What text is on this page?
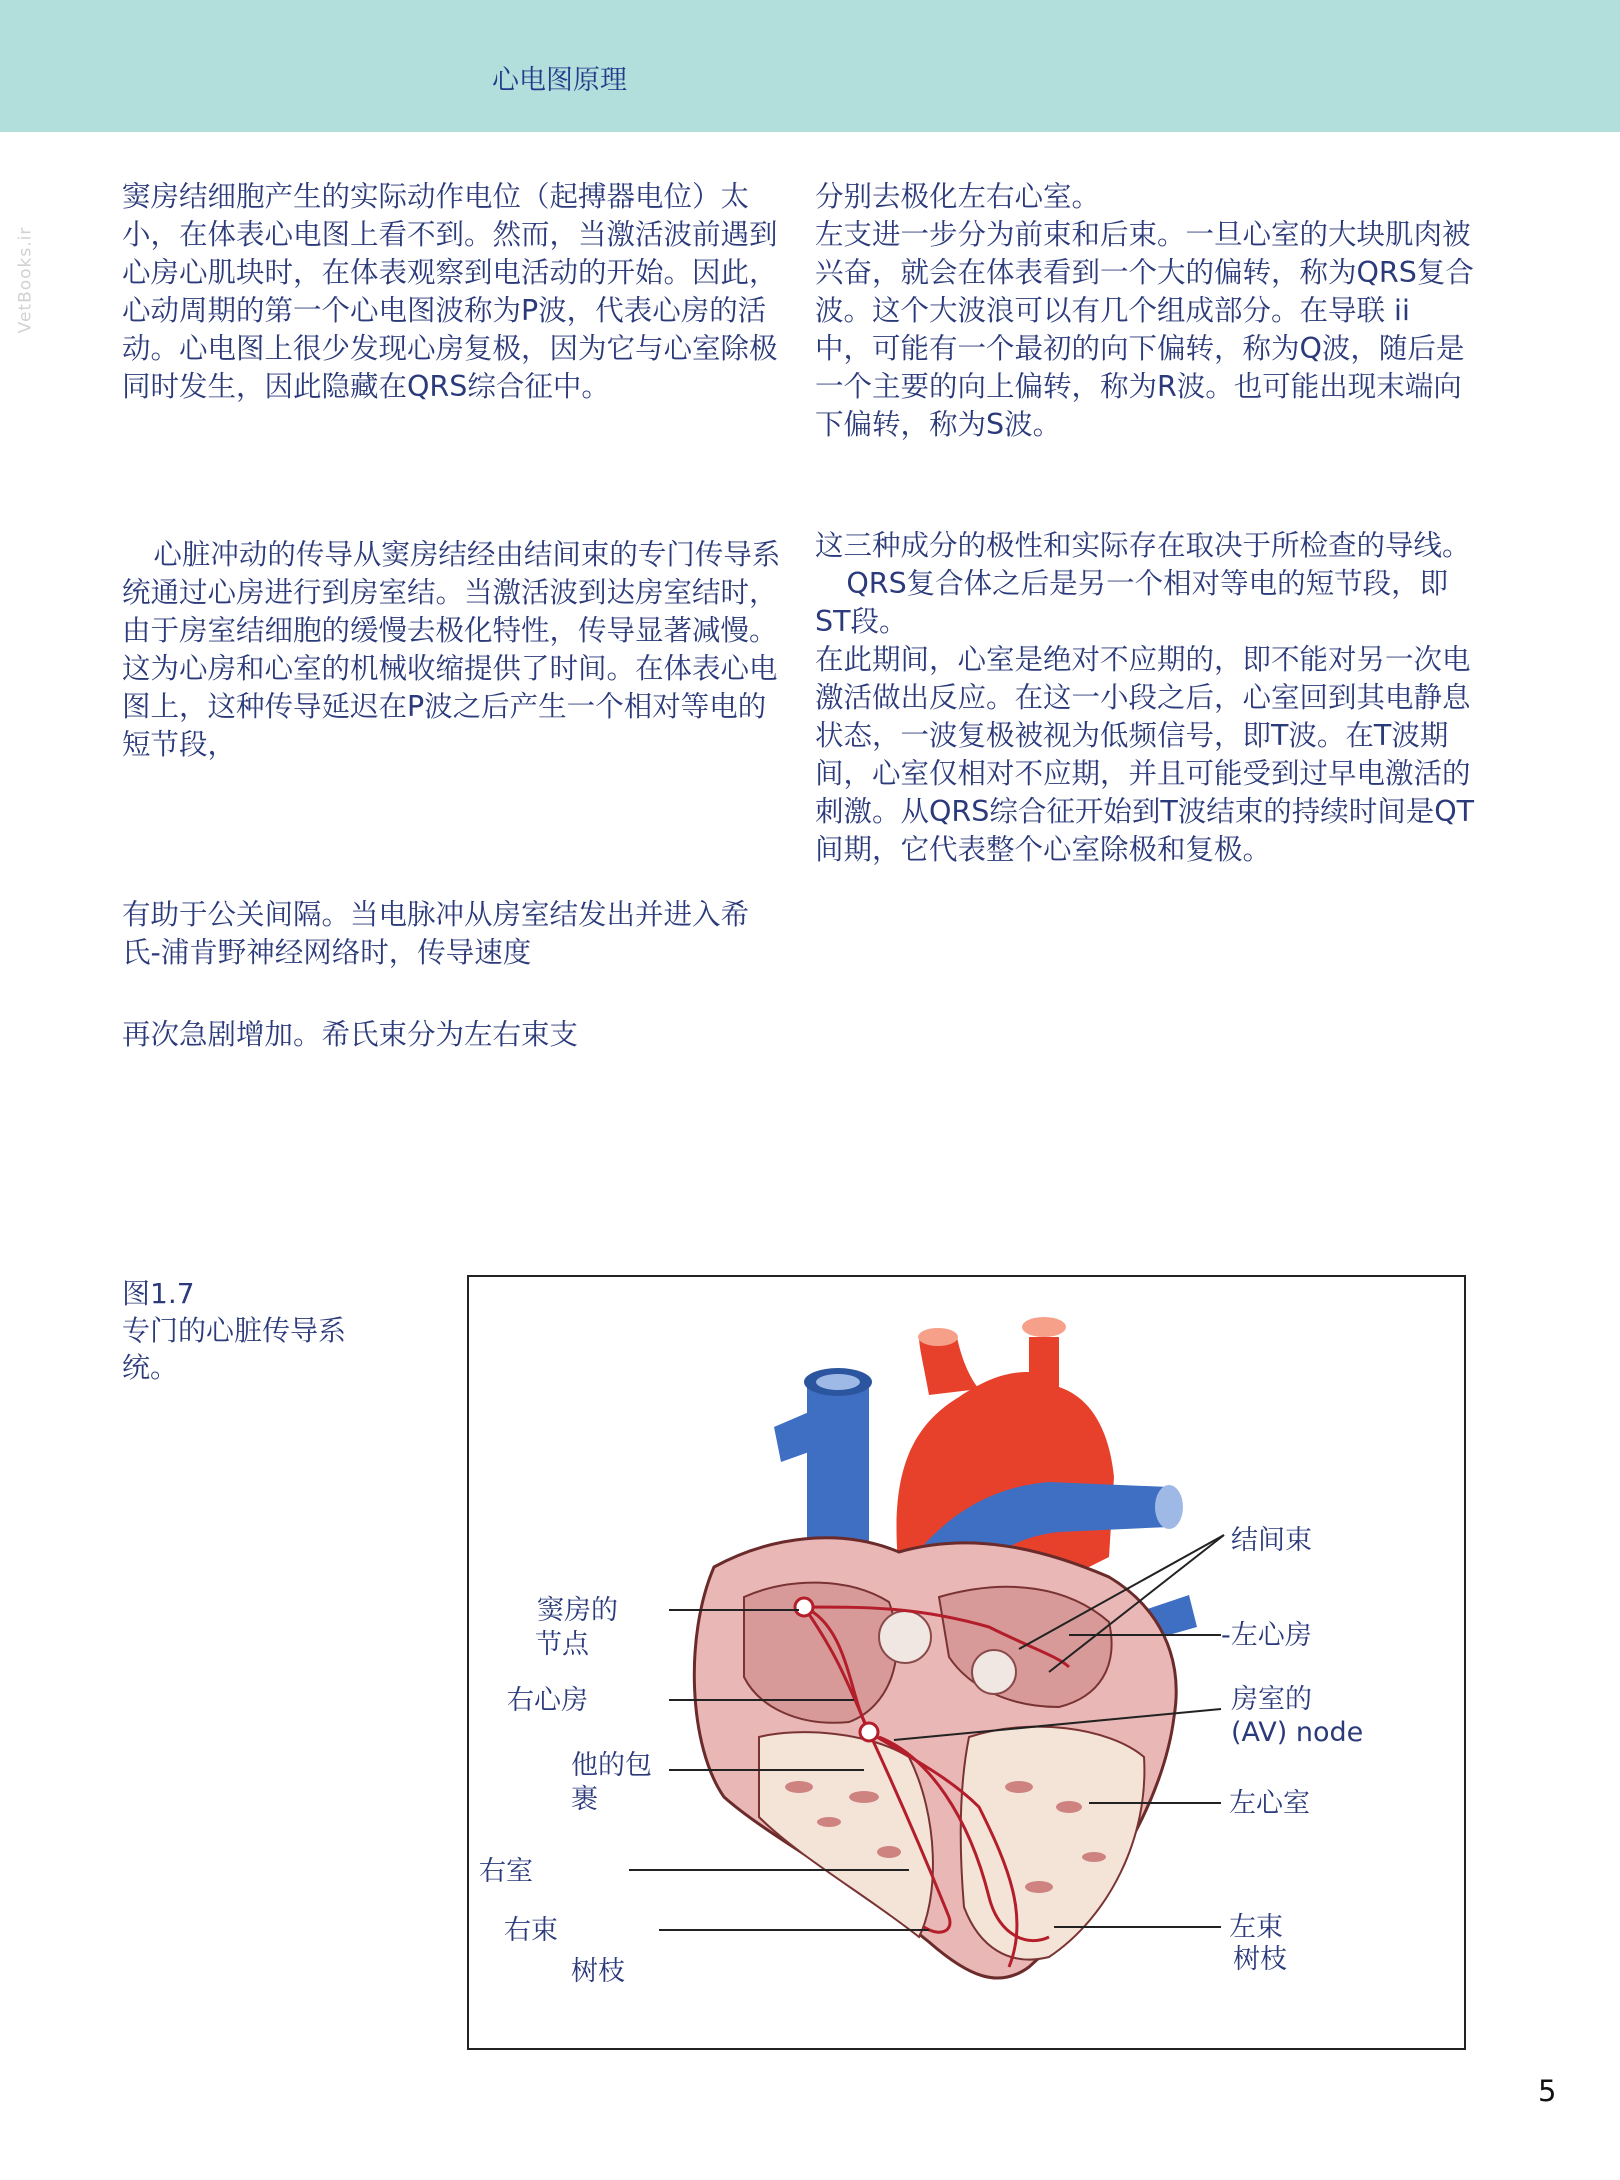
心电图原理
VetBooks.ir

窦房结细胞产生的实际动作电位（起搏器电位）太小，在体表心电图上看不到。然而，当激活波前遇到心房心肌块时，在体表观察到电活动的开始。因此，心动周期的第一个心电图波称为P波，代表心房的活动。心电图上很少发现心房复极，因为它与心室除极同时发生，因此隐藏在QRS综合征中。

心脏冲动的传导从窦房结经由结间束的专门传导系统通过心房进行到房室结。当激活波到达房室结时，由于房室结细胞的缓慢去极化特性，传导显著减慢。这为心房和心室的机械收缩提供了时间。在体表心电图上，这种传导延迟在P波之后产生一个相对等电的短节段，

有助于公关间隔。当电脉冲从房室结发出并进入希氏-浦肯野神经网络时，传导速度

再次急剧增加。希氏束分为左右束支

分别去极化左右心室。

左支进一步分为前束和后束。一旦心室的大块肌肉被兴奋，就会在体表看到一个大的偏转，称为QRS复合波。这个大波浪可以有几个组成部分。在导联 ii 中，可能有一个最初的向下偏转，称为Q波，随后是一个主要的向上偏转，称为R波。也可能出现末端向下偏转，称为S波。

这三种成分的极性和实际存在取决于所检查的导线。

QRS复合体之后是另一个相对等电的短节段，即ST段。

在此期间，心室是绝对不应期的，即不能对另一次电激活做出反应。在这一小段之后，心室回到其电静息状态，一波复极被视为低频信号，即T波。在T波期间，心室仅相对不应期，并且可能受到过早电激活的刺激。从QRS综合征开始到T波结束的持续时间是QT间期，它代表整个心室除极和复极。

图1.7
专门的心脏传导系统。
窦房的
节点
右心房
他的包
裹
右室
右束
树枝
结间束
-左心房
房室的
(AV) node
左心室
左束
树枝
5
